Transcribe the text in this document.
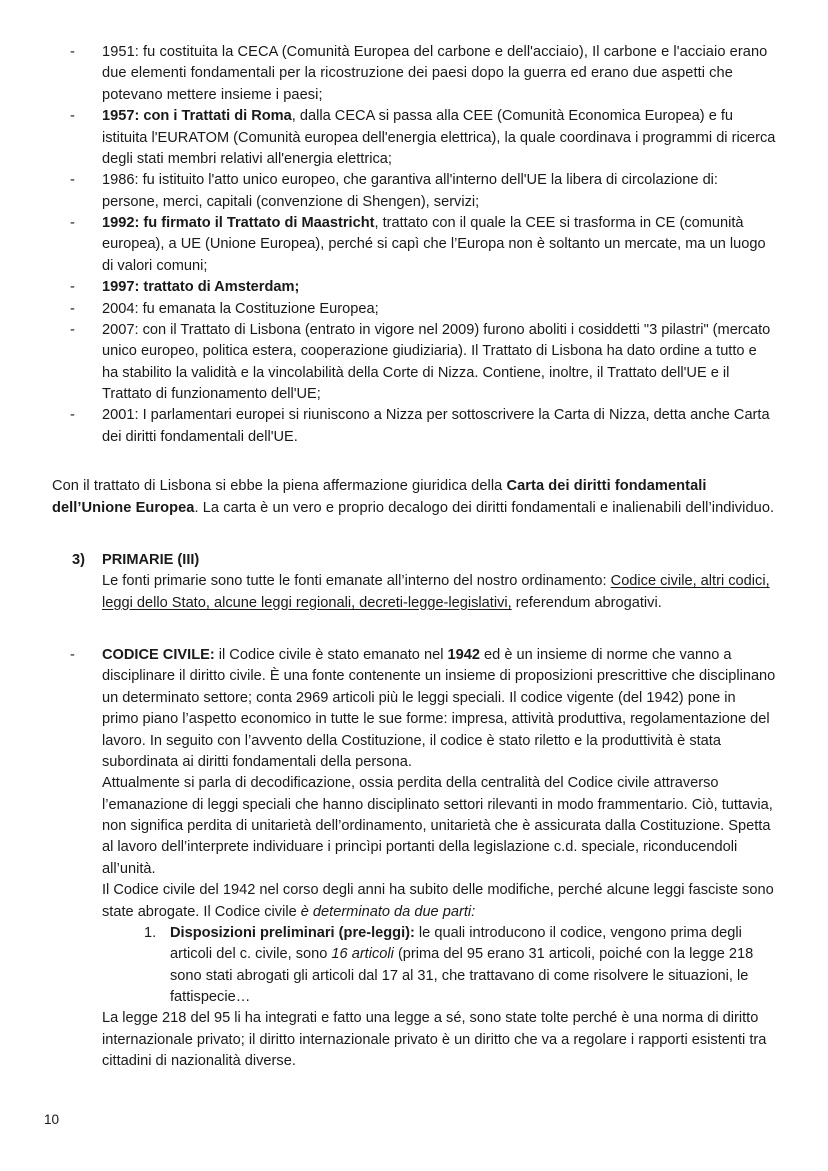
-	1951: fu costituita la CECA (Comunità Europea del carbone e dell'acciaio), Il carbone e l'acciaio erano due elementi fondamentali per la ricostruzione dei paesi dopo la guerra ed erano due aspetti che potevano mettere insieme i paesi;
-	1957: con i Trattati di Roma, dalla CECA si passa alla CEE (Comunità Economica Europea) e fu istituita l'EURATOM (Comunità europea dell'energia elettrica), la quale coordinava i programmi di ricerca degli stati membri relativi all'energia elettrica;
-	1986: fu istituito l'atto unico europeo, che garantiva all'interno dell'UE la libera di circolazione di: persone, merci, capitali (convenzione di Shengen), servizi;
-	1992: fu firmato il Trattato di Maastricht, trattato con il quale la CEE si trasforma in CE (comunità europea), a UE (Unione Europea), perché si capì che l’Europa non è soltanto un mercate, ma un luogo di valori comuni;
-	1997: trattato di Amsterdam;
-	2004: fu emanata la Costituzione Europea;
-	2007: con il Trattato di Lisbona (entrato in vigore nel 2009) furono aboliti i cosiddetti "3 pilastri" (mercato unico europeo, politica estera, cooperazione giudiziaria). Il Trattato di Lisbona ha dato ordine a tutto e ha stabilito la validità e la vincolabilità della Corte di Nizza. Contiene, inoltre, il Trattato dell'UE e il Trattato di funzionamento dell'UE;
-	2001: I parlamentari europei si riuniscono a Nizza per sottoscrivere la Carta di Nizza, detta anche Carta dei diritti fondamentali dell'UE.

Con il trattato di Lisbona si ebbe la piena affermazione giuridica della Carta dei diritti fondamentali dell’Unione Europea. La carta è un vero e proprio decalogo dei diritti fondamentali e inalienabili dell’individuo.

3) PRIMARIE (III)

Le fonti primarie sono tutte le fonti emanate all’interno del nostro ordinamento: Codice civile, altri codici, leggi dello Stato, alcune leggi regionali, decreti-legge-legislativi, referendum abrogativi.

- CODICE CIVILE: il Codice civile è stato emanato nel 1942 ed è un insieme di norme che vanno a disciplinare il diritto civile. È una fonte contenente un insieme di proposizioni prescrittive che disciplinano un determinato settore; conta 2969 articoli più le leggi speciali. Il codice vigente (del 1942) pone in primo piano l’aspetto economico in tutte le sue forme: impresa, attività produttiva, regolamentazione del lavoro. In seguito con l’avvento della Costituzione, il codice è stato riletto e la produttività è stata subordinata ai diritti fondamentali della persona.

Attualmente si parla di decodificazione, ossia perdita della centralità del Codice civile attraverso l’emanazione di leggi speciali che hanno disciplinato settori rilevanti in modo frammentario. Ciò, tuttavia, non significa perdita di unitarietà dell’ordinamento, unitarietà che è assicurata dalla Costituzione. Spetta al lavoro dell’interprete individuare i princìpi portanti della legislazione c.d. speciale, riconducendoli all’unità.

Il Codice civile del 1942 nel corso degli anni ha subito delle modifiche, perché alcune leggi fasciste sono state abrogate. Il Codice civile è determinato da due parti:

1. Disposizioni preliminari (pre-leggi): le quali introducono il codice, vengono prima degli articoli del c. civile, sono 16 articoli (prima del 95 erano 31 articoli, poiché con la legge 218 sono stati abrogati gli articoli dal 17 al 31, che trattavano di come risolvere le situazioni, le fattispecie…

La legge 218 del 95 li ha integrati e fatto una legge a sé, sono state tolte perché è una norma di diritto internazionale privato; il diritto internazionale privato è un diritto che va a regolare i rapporti esistenti tra cittadini di nazionalità diverse.

10
